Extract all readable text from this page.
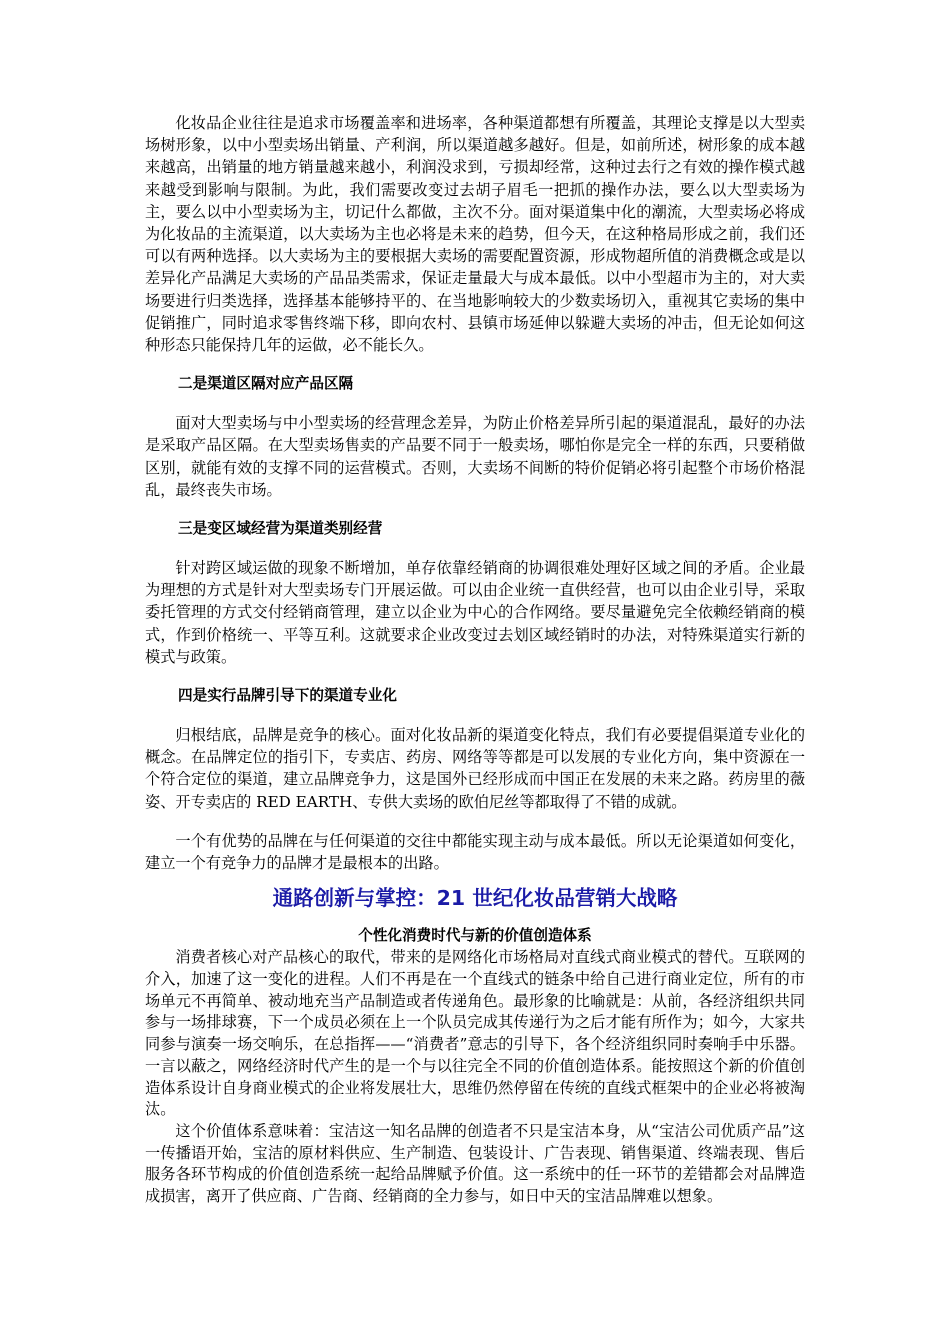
化妆品企业往往是追求市场覆盖率和进场率，各种渠道都想有所覆盖，其理论支撑是以大型卖场树形象，以中小型卖场出销量、产利润，所以渠道越多越好。但是，如前所述，树形象的成本越来越高，出销量的地方销量越来越小，利润没求到，亏损却经常，这种过去行之有效的操作模式越来越受到影响与限制。为此，我们需要改变过去胡子眉毛一把抓的操作办法，要么以大型卖场为主，要么以中小型卖场为主，切记什么都做，主次不分。面对渠道集中化的潮流，大型卖场必将成为化妆品的主流渠道，以大卖场为主也必将是未来的趋势，但今天，在这种格局形成之前，我们还可以有两种选择。以大卖场为主的要根据大卖场的需要配置资源，形成物超所值的消费概念或是以差异化产品满足大卖场的产品品类需求，保证走量最大与成本最低。以中小型超市为主的，对大卖场要进行归类选择，选择基本能够持平的、在当地影响较大的少数卖场切入，重视其它卖场的集中促销推广，同时追求零售终端下移，即向农村、县镇市场延伸以躲避大卖场的冲击，但无论如何这种形态只能保持几年的运做，必不能长久。

二是渠道区隔对应产品区隔

面对大型卖场与中小型卖场的经营理念差异，为防止价格差异所引起的渠道混乱，最好的办法是采取产品区隔。在大型卖场售卖的产品要不同于一般卖场，哪怕你是完全一样的东西，只要稍做区别，就能有效的支撑不同的运营模式。否则，大卖场不间断的特价促销必将引起整个市场价格混乱，最终丧失市场。

三是变区域经营为渠道类别经营

针对跨区域运做的现象不断增加，单存依靠经销商的协调很难处理好区域之间的矛盾。企业最为理想的方式是针对大型卖场专门开展运做。可以由企业统一直供经营，也可以由企业引导，采取委托管理的方式交付经销商管理，建立以企业为中心的合作网络。要尽量避免完全依赖经销商的模式，作到价格统一、平等互利。这就要求企业改变过去划区域经销时的办法，对特殊渠道实行新的模式与政策。

四是实行品牌引导下的渠道专业化

归根结底，品牌是竞争的核心。面对化妆品新的渠道变化特点，我们有必要提倡渠道专业化的概念。在品牌定位的指引下，专卖店、药房、网络等等都是可以发展的专业化方向，集中资源在一个符合定位的渠道，建立品牌竞争力，这是国外已经形成而中国正在发展的未来之路。药房里的薇姿、开专卖店的 RED EARTH、专供大卖场的欧伯尼丝等都取得了不错的成就。

一个有优势的品牌在与任何渠道的交往中都能实现主动与成本最低。所以无论渠道如何变化，建立一个有竞争力的品牌才是最根本的出路。

通路创新与掌控：21 世纪化妆品营销大战略
个性化消费时代与新的价值创造体系

消费者核心对产品核心的取代，带来的是网络化市场格局对直线式商业模式的替代。互联网的介入，加速了这一变化的进程。人们不再是在一个直线式的链条中给自己进行商业定位，所有的市场单元不再简单、被动地充当产品制造或者传递角色。最形象的比喻就是：从前，各经济组织共同参与一场排球赛，下一个成员必须在上一个队员完成其传递行为之后才能有所作为；如今，大家共同参与演奏一场交响乐，在总指挥——“消费者”意志的引导下，各个经济组织同时奏响手中乐器。一言以蔽之，网络经济时代产生的是一个与以往完全不同的价值创造体系。能按照这个新的价值创造体系设计自身商业模式的企业将发展壮大，思维仍然停留在传统的直线式框架中的企业必将被淘汰。

这个价值体系意味着：宝洁这一知名品牌的创造者不只是宝洁本身，从“宝洁公司优质产品”这一传播语开始，宝洁的原材料供应、生产制造、包装设计、广告表现、销售渠道、终端表现、售后服务各环节构成的价值创造系统一起给品牌赋予价值。这一系统中的任一环节的差错都会对品牌造成损害，离开了供应商、广告商、经销商的全力参与，如日中天的宝洁品牌难以想象。
